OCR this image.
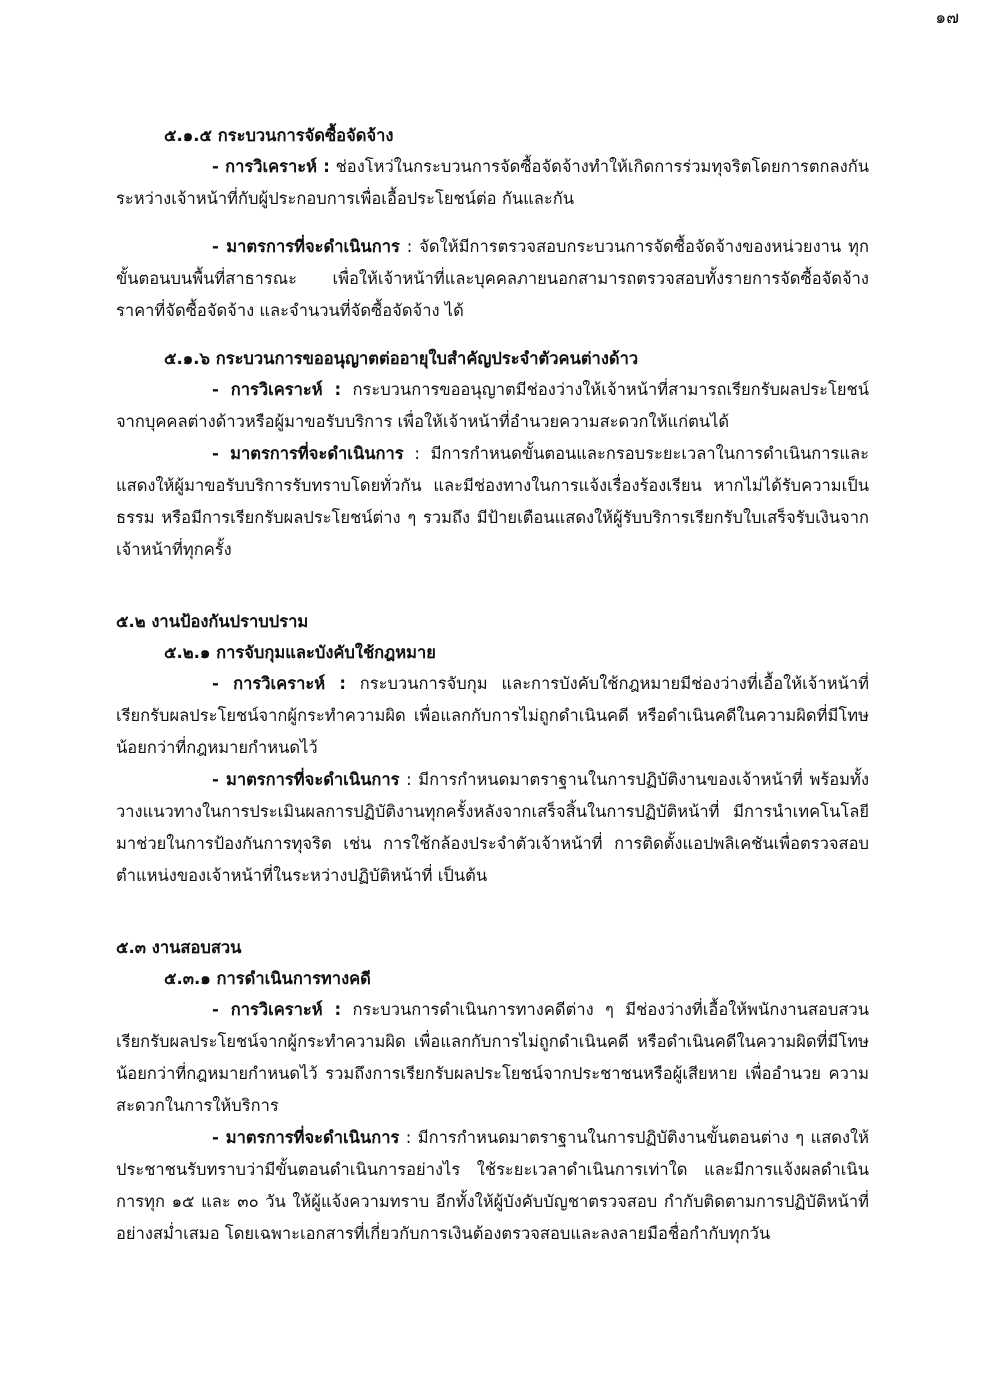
๑๗
๕.๑.๕ กระบวนการจัดซื้อจัดจ้าง

- การวิเคราะห์ : ช่องโหว่ในกระบวนการจัดซื้อจัดจ้างทำให้เกิดการร่วมทุจริตโดยการตกลงกันระหว่างเจ้าหน้าที่กับผู้ประกอบการเพื่อเอื้อประโยชน์ต่อ กันและกัน

- มาตรการที่จะดำเนินการ : จัดให้มีการตรวจสอบกระบวนการจัดซื้อจัดจ้างของหน่วยงาน ทุกขั้นตอนบนพื้นที่สาธารณะ เพื่อให้เจ้าหน้าที่และบุคคลภายนอกสามารถตรวจสอบทั้งรายการจัดซื้อจัดจ้าง ราคาที่จัดซื้อจัดจ้าง และจำนวนที่จัดซื้อจัดจ้าง ได้

๕.๑.๖ กระบวนการขออนุญาตต่ออายุใบสำคัญประจำตัวคนต่างด้าว

- การวิเคราะห์ : กระบวนการขออนุญาตมีช่องว่างให้เจ้าหน้าที่สามารถเรียกรับผลประโยชน์ จากบุคคลต่างด้าวหรือผู้มาขอรับบริการ เพื่อให้เจ้าหน้าที่อำนวยความสะดวกให้แก่ตนได้

- มาตรการที่จะดำเนินการ : มีการกำหนดขั้นตอนและกรอบระยะเวลาในการดำเนินการและแสดงให้ผู้มาขอรับบริการรับทราบโดยทั่วกัน และมีช่องทางในการแจ้งเรื่องร้องเรียน หากไม่ได้รับความเป็นธรรม หรือมีการเรียกรับผลประโยชน์ต่าง ๆ รวมถึง มีป้ายเตือนแสดงให้ผู้รับบริการเรียกรับใบเสร็จรับเงินจากเจ้าหน้าที่ทุกครั้ง

๕.๒ งานป้องกันปราบปราม
๕.๒.๑ การจับกุมและบังคับใช้กฎหมาย

- การวิเคราะห์ : กระบวนการจับกุม และการบังคับใช้กฎหมายมีช่องว่างที่เอื้อให้เจ้าหน้าที่ เรียกรับผลประโยชน์จากผู้กระทำความผิด เพื่อแลกกับการไม่ถูกดำเนินคดี หรือดำเนินคดีในความผิดที่มีโทษน้อยกว่าที่กฎหมายกำหนดไว้

- มาตรการที่จะดำเนินการ : มีการกำหนดมาตราฐานในการปฏิบัติงานของเจ้าหน้าที่ พร้อมทั้งวางแนวทางในการประเมินผลการปฏิบัติงานทุกครั้งหลังจากเสร็จสิ้นในการปฏิบัติหน้าที่ มีการนำเทคโนโลยีมาช่วยในการป้องกันการทุจริต เช่น การใช้กล้องประจำตัวเจ้าหน้าที่ การติดตั้งแอปพลิเคชันเพื่อตรวจสอบตำแหน่งของเจ้าหน้าที่ในระหว่างปฏิบัติหน้าที่ เป็นต้น

๕.๓ งานสอบสวน
๕.๓.๑ การดำเนินการทางคดี

- การวิเคราะห์ : กระบวนการดำเนินการทางคดีต่าง ๆ มีช่องว่างที่เอื้อให้พนักงานสอบสวนเรียกรับผลประโยชน์จากผู้กระทำความผิด เพื่อแลกกับการไม่ถูกดำเนินคดี หรือดำเนินคดีในความผิดที่มีโทษน้อยกว่าที่กฎหมายกำหนดไว้ รวมถึงการเรียกรับผลประโยชน์จากประชาชนหรือผู้เสียหาย เพื่ออำนวย ความสะดวกในการให้บริการ

- มาตรการที่จะดำเนินการ : มีการกำหนดมาตราฐานในการปฏิบัติงานขั้นตอนต่าง ๆ แสดงให้ประชาชนรับทราบว่ามีขั้นตอนดำเนินการอย่างไร ใช้ระยะเวลาดำเนินการเท่าใด และมีการแจ้งผลดำเนินการทุก ๑๕ และ ๓๐ วัน ให้ผู้แจ้งความทราบ อีกทั้งให้ผู้บังคับบัญชาตรวจสอบ กำกับติดตามการปฏิบัติหน้าที่อย่างสม่ำเสมอ โดยเฉพาะเอกสารที่เกี่ยวกับการเงินต้องตรวจสอบและลงลายมือชื่อกำกับทุกวัน
